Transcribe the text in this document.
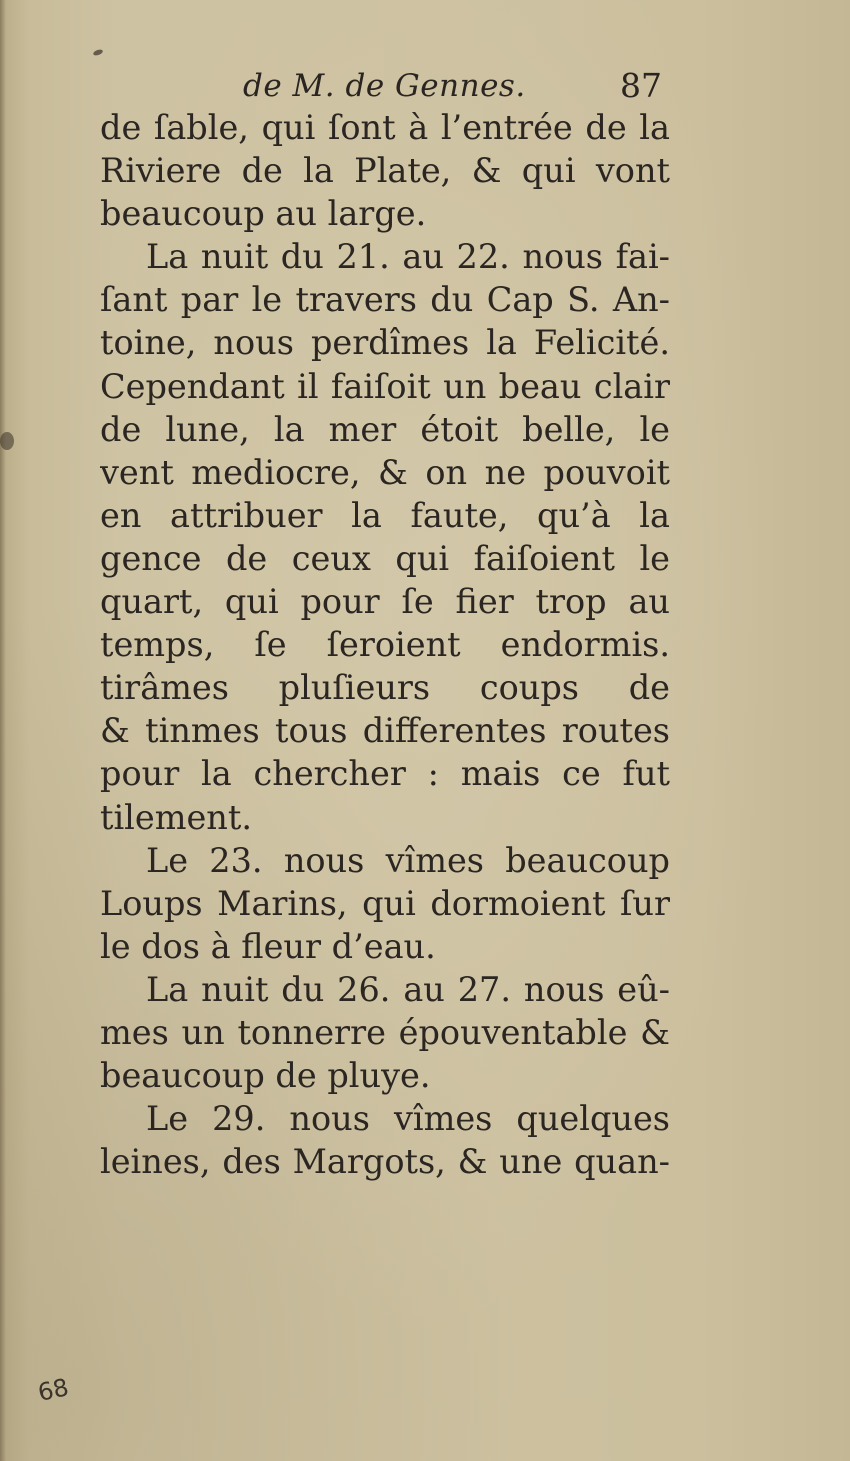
de M. de Gennes.	87
de ſable, qui ſont à l’entrée de la
Riviere de la Plate, & qui vont
beaucoup au large.
La nuit du 21. au 22. nous fai-
ſant par le travers du Cap S. An-
toine, nous perdîmes la Felicité.
Cependant il faiſoit un beau clair
de lune, la mer étoit belle, le
vent mediocre, & on ne pouvoit
en attribuer la faute, qu’à la
gence de ceux qui faiſoient le
quart, qui pour ſe fier trop au
temps, ſe ſeroient endormis.
tirâmes pluſieurs coups de
& tinmes tous differentes routes
pour la chercher : mais ce fut
tilement.
Le 23. nous vîmes beaucoup
Loups Marins, qui dormoient ſur
le dos à fleur d’eau.
La nuit du 26. au 27. nous eû-
mes un tonnerre épouventable &
beaucoup de pluye.
Le 29. nous vîmes quelques
leines, des Margots, & une quan-
68
